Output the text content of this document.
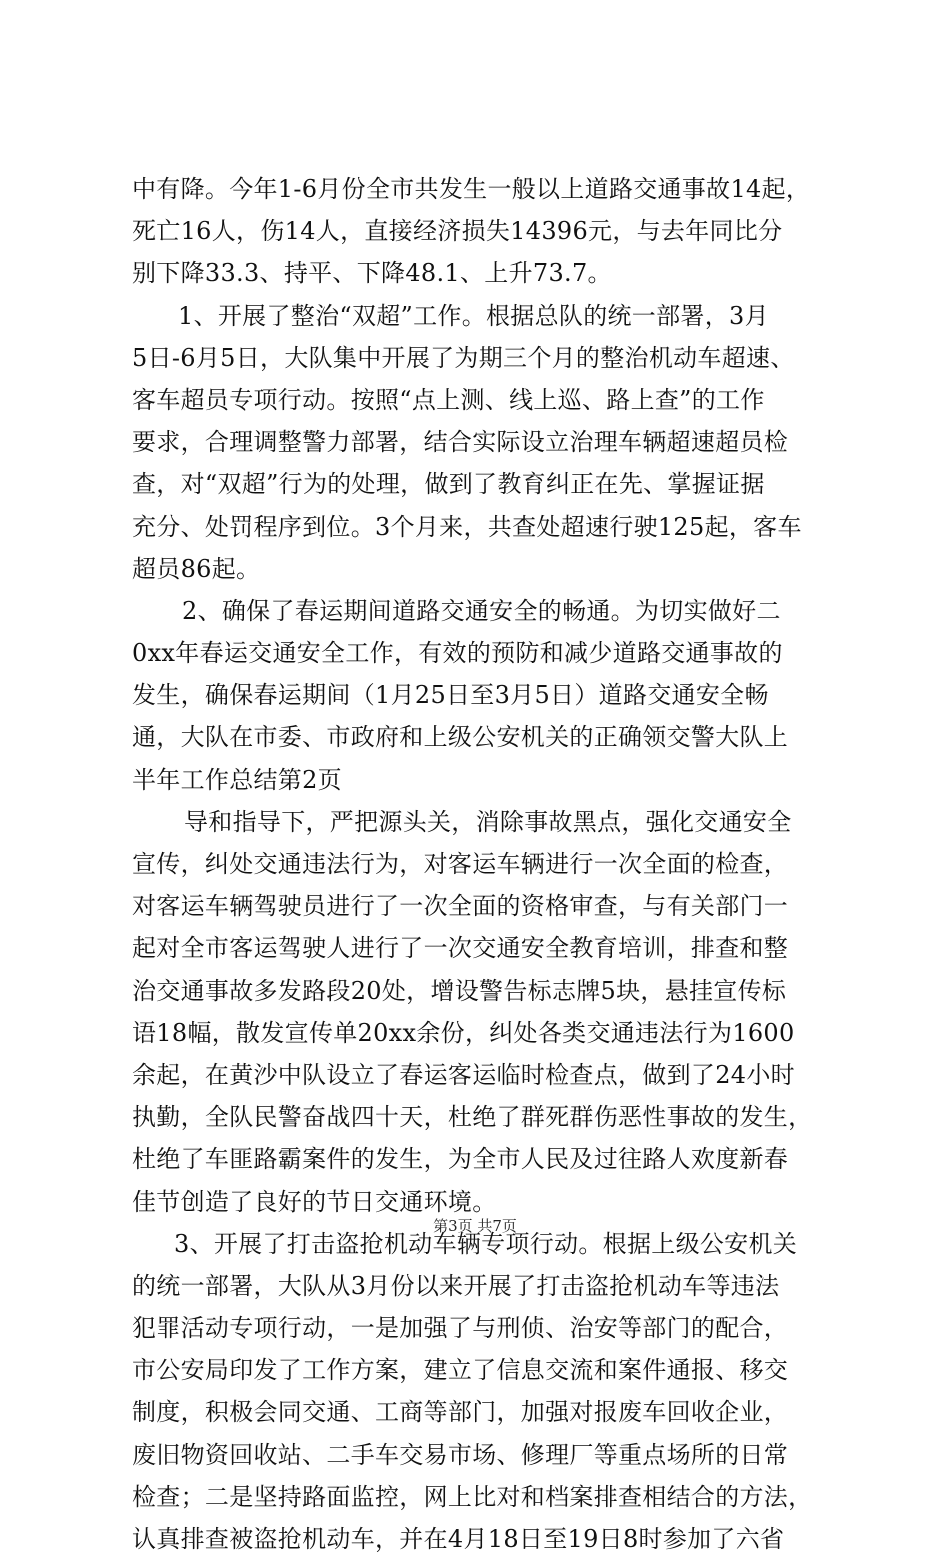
中有降。今年1-6月份全市共发生一般以上道路交通事故14起，
死亡16人，伤14人，直接经济损失14396元，与去年同比分
别下降33.3、持平、下降48.1、上升73.7。
1、开展了整治“双超”工作。根据总队的统一部署，3月
5日-6月5日，大队集中开展了为期三个月的整治机动车超速、
客车超员专项行动。按照“点上测、线上巡、路上查”的工作
要求，合理调整警力部署，结合实际设立治理车辆超速超员检
查，对“双超”行为的处理，做到了教育纠正在先、掌握证据
充分、处罚程序到位。3个月来，共查处超速行驶125起，客车
超员86起。
2、确保了春运期间道路交通安全的畅通。为切实做好二
0xx年春运交通安全工作，有效的预防和减少道路交通事故的
发生，确保春运期间（1月25日至3月5日）道路交通安全畅
通，大队在市委、市政府和上级公安机关的正确领交警大队上
半年工作总结第2页
导和指导下，严把源头关，消除事故黑点，强化交通安全
宣传，纠处交通违法行为，对客运车辆进行一次全面的检查，
对客运车辆驾驶员进行了一次全面的资格审查，与有关部门一
起对全市客运驾驶人进行了一次交通安全教育培训，排查和整
治交通事故多发路段20处，增设警告标志牌5块，悬挂宣传标
语18幅，散发宣传单20xx余份，纠处各类交通违法行为1600
余起，在黄沙中队设立了春运客运临时检查点，做到了24小时
执勤，全队民警奋战四十天，杜绝了群死群伤恶性事故的发生，
杜绝了车匪路霸案件的发生，为全市人民及过往路人欢度新春
佳节创造了良好的节日交通环境。
3、开展了打击盗抢机动车辆专项行动。根据上级公安机关
的统一部署，大队从3月份以来开展了打击盗抢机动车等违法
犯罪活动专项行动，一是加强了与刑侦、治安等部门的配合，
市公安局印发了工作方案，建立了信息交流和案件通报、移交
制度，积极会同交通、工商等部门，加强对报废车回收企业，
废旧物资回收站、二手车交易市场、修理厂等重点场所的日常
检查；二是坚持路面监控，网上比对和档案排查相结合的方法，
认真排查被盗抢机动车，并在4月18日至19日8时参加了六省
第3页 共7页
